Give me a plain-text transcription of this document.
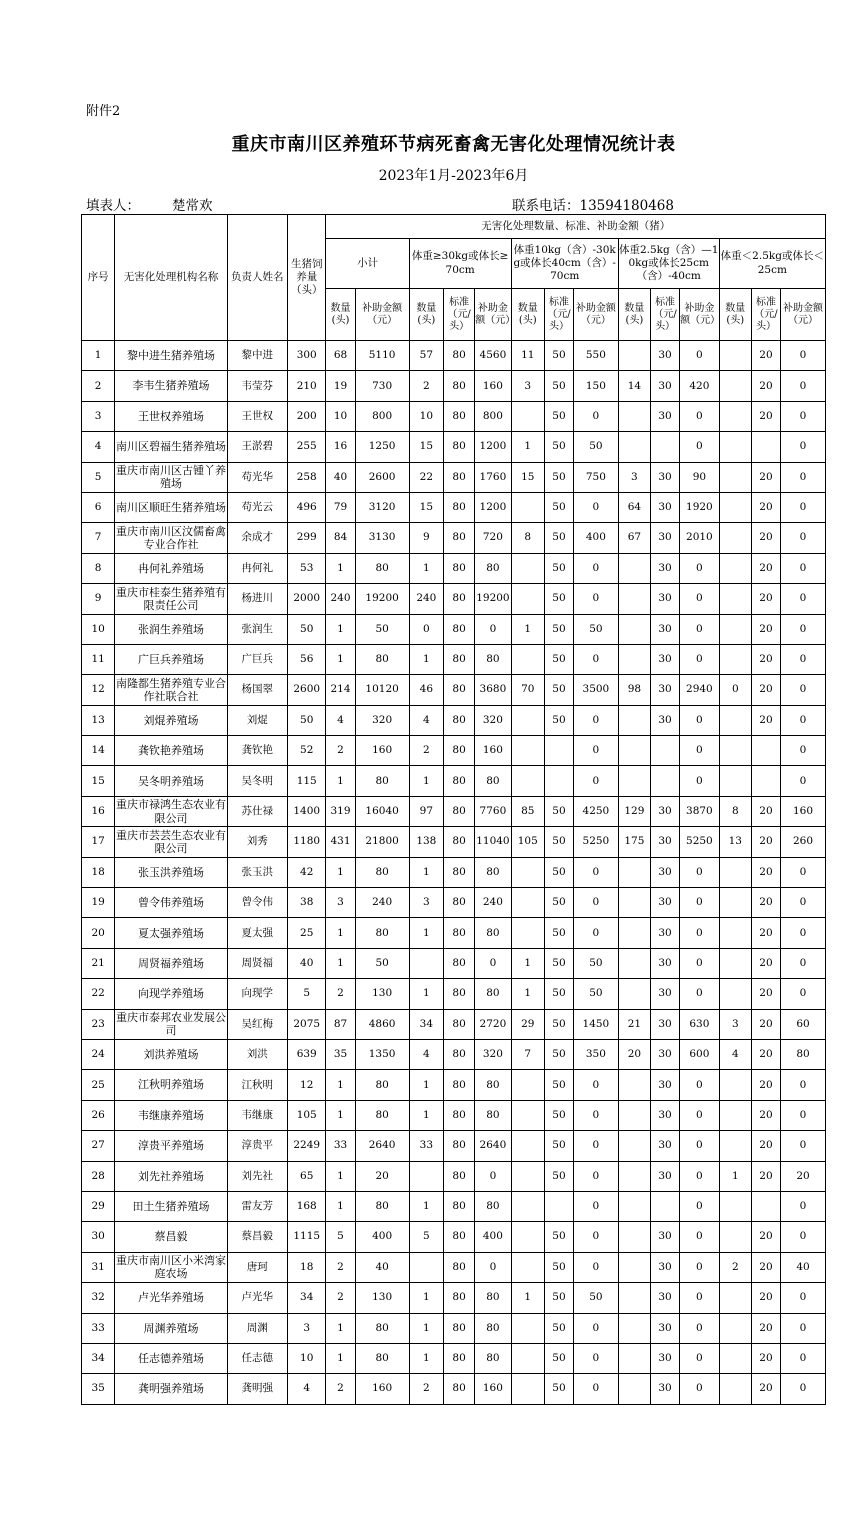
附件2
重庆市南川区养殖环节病死畜禽无害化处理情况统计表
2023年1月-2023年6月
填表人： 楚常欢	联系电话：13594180468
序号	无害化处理机构名称	负责人姓名	生猪饲养量（头）	无害化处理数量、标准、补助金额（猪）													
				小计		体重≥30kg或体长≥70cm			体重10kg（含）-30kg或体长40cm（含）-70cm			体重2.5kg（含）—10kg或体长25cm（含）-40cm			体重＜2.5kg或体长＜25cm		
				数量(头)	补助金额（元）	数量(头)	标准（元/头）	补助金额（元）	数量(头)	标准（元/头）	补助金额（元）	数量(头)	标准（元/头）	补助金额（元）	数量(头)	标准（元/头）	补助金额（元）
1	黎中进生猪养殖场	黎中进	300	68	5110	57	80	4560	11	50	550		30	0		20	0
2	李韦生猪养殖场	韦莹芬	210	19	730	2	80	160	3	50	150	14	30	420		20	0
3	王世权养殖场	王世权	200	10	800	10	80	800		50	0		30	0		20	0
4	南川区碧福生猪养殖场	王淤碧	255	16	1250	15	80	1200	1	50	50			0			0
5	重庆市南川区古锺丫养殖场	苟光华	258	40	2600	22	80	1760	15	50	750	3	30	90		20	0
6	南川区顺旺生猪养殖场	苟光云	496	79	3120	15	80	1200		50	0	64	30	1920		20	0
7	重庆市南川区汶儒畜禽专业合作社	余成才	299	84	3130	9	80	720	8	50	400	67	30	2010		20	0
8	冉何礼养殖场	冉何礼	53	1	80	1	80	80		50	0		30	0		20	0
9	重庆市桂泰生猪养殖有限责任公司	杨进川	2000	240	19200	240	80	19200		50	0		30	0		20	0
10	张润生养殖场	张润生	50	1	50	0	80	0	1	50	50		30	0		20	0
11	广巨兵养殖场	广巨兵	56	1	80	1	80	80		50	0		30	0		20	0
12	南隆都生猪养殖专业合作社联合社	杨国翠	2600	214	10120	46	80	3680	70	50	3500	98	30	2940	0	20	0
13	刘焜养殖场	刘焜	50	4	320	4	80	320		50	0		30	0		20	0
14	龚钦艳养殖场	龚钦艳	52	2	160	2	80	160			0			0			0
15	吴冬明养殖场	吴冬明	115	1	80	1	80	80			0			0			0
16	重庆市禄鸿生态农业有限公司	苏仕禄	1400	319	16040	97	80	7760	85	50	4250	129	30	3870	8	20	160
17	重庆市芸芸生态农业有限公司	刘秀	1180	431	21800	138	80	11040	105	50	5250	175	30	5250	13	20	260
18	张玉洪养殖场	张玉洪	42	1	80	1	80	80		50	0		30	0		20	0
19	曾令伟养殖场	曾令伟	38	3	240	3	80	240		50	0		30	0		20	0
20	夏太强养殖场	夏太强	25	1	80	1	80	80		50	0		30	0		20	0
21	周贤福养殖场	周贤福	40	1	50		80	0	1	50	50		30	0		20	0
22	向现学养殖场	向现学	5	2	130	1	80	80	1	50	50		30	0		20	0
23	重庆市泰邦农业发展公司	吴红梅	2075	87	4860	34	80	2720	29	50	1450	21	30	630	3	20	60
24	刘洪养殖场	刘洪	639	35	1350	4	80	320	7	50	350	20	30	600	4	20	80
25	江秋明养殖场	江秋明	12	1	80	1	80	80		50	0		30	0		20	0
26	韦继康养殖场	韦继康	105	1	80	1	80	80		50	0		30	0		20	0
27	淳贵平养殖场	淳贵平	2249	33	2640	33	80	2640		50	0		30	0		20	0
28	刘先社养殖场	刘先社	65	1	20		80	0		50	0		30	0	1	20	20
29	田土生猪养殖场	雷友芳	168	1	80	1	80	80			0			0			0
30	蔡昌毅	蔡昌毅	1115	5	400	5	80	400		50	0		30	0		20	0
31	重庆市南川区小米湾家庭农场	唐珂	18	2	40		80	0		50	0		30	0	2	20	40
32	卢光华养殖场	卢光华	34	2	130	1	80	80	1	50	50		30	0		20	0
33	周渊养殖场	周渊	3	1	80	1	80	80		50	0		30	0		20	0
34	任志德养殖场	任志德	10	1	80	1	80	80		50	0		30	0		20	0
35	龚明强养殖场	龚明强	4	2	160	2	80	160		50	0		30	0		20	0
